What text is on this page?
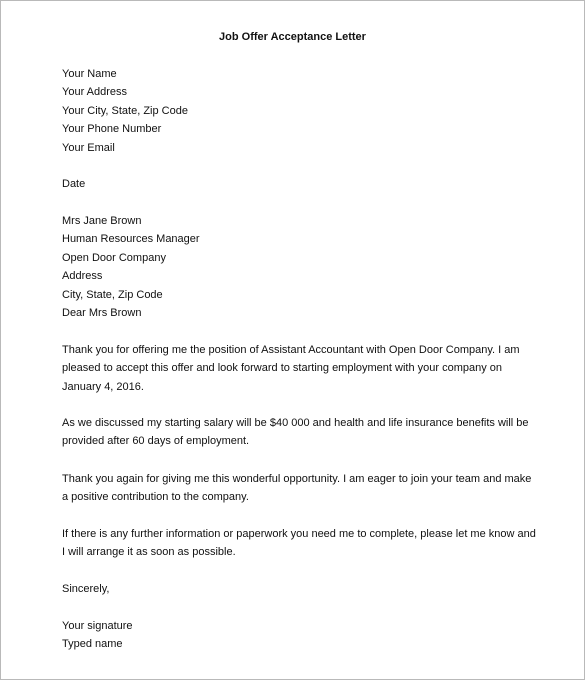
Job Offer Acceptance Letter
Your Name
Your Address
Your City, State, Zip Code
Your Phone Number
Your Email
Date
Mrs Jane Brown
Human Resources Manager
Open Door Company
Address
City, State, Zip Code
Dear Mrs Brown

Thank you for offering me the position of Assistant Accountant with Open Door Company. I am pleased to accept this offer and look forward to starting employment with your company on January 4, 2016.

As we discussed my starting salary will be $40 000 and health and life insurance benefits will be provided after 60 days of employment.

Thank you again for giving me this wonderful opportunity. I am eager to join your team and make a positive contribution to the company.

If there is any further information or paperwork you need me to complete, please let me know and I will arrange it as soon as possible.

Sincerely,
Your signature
Typed name
